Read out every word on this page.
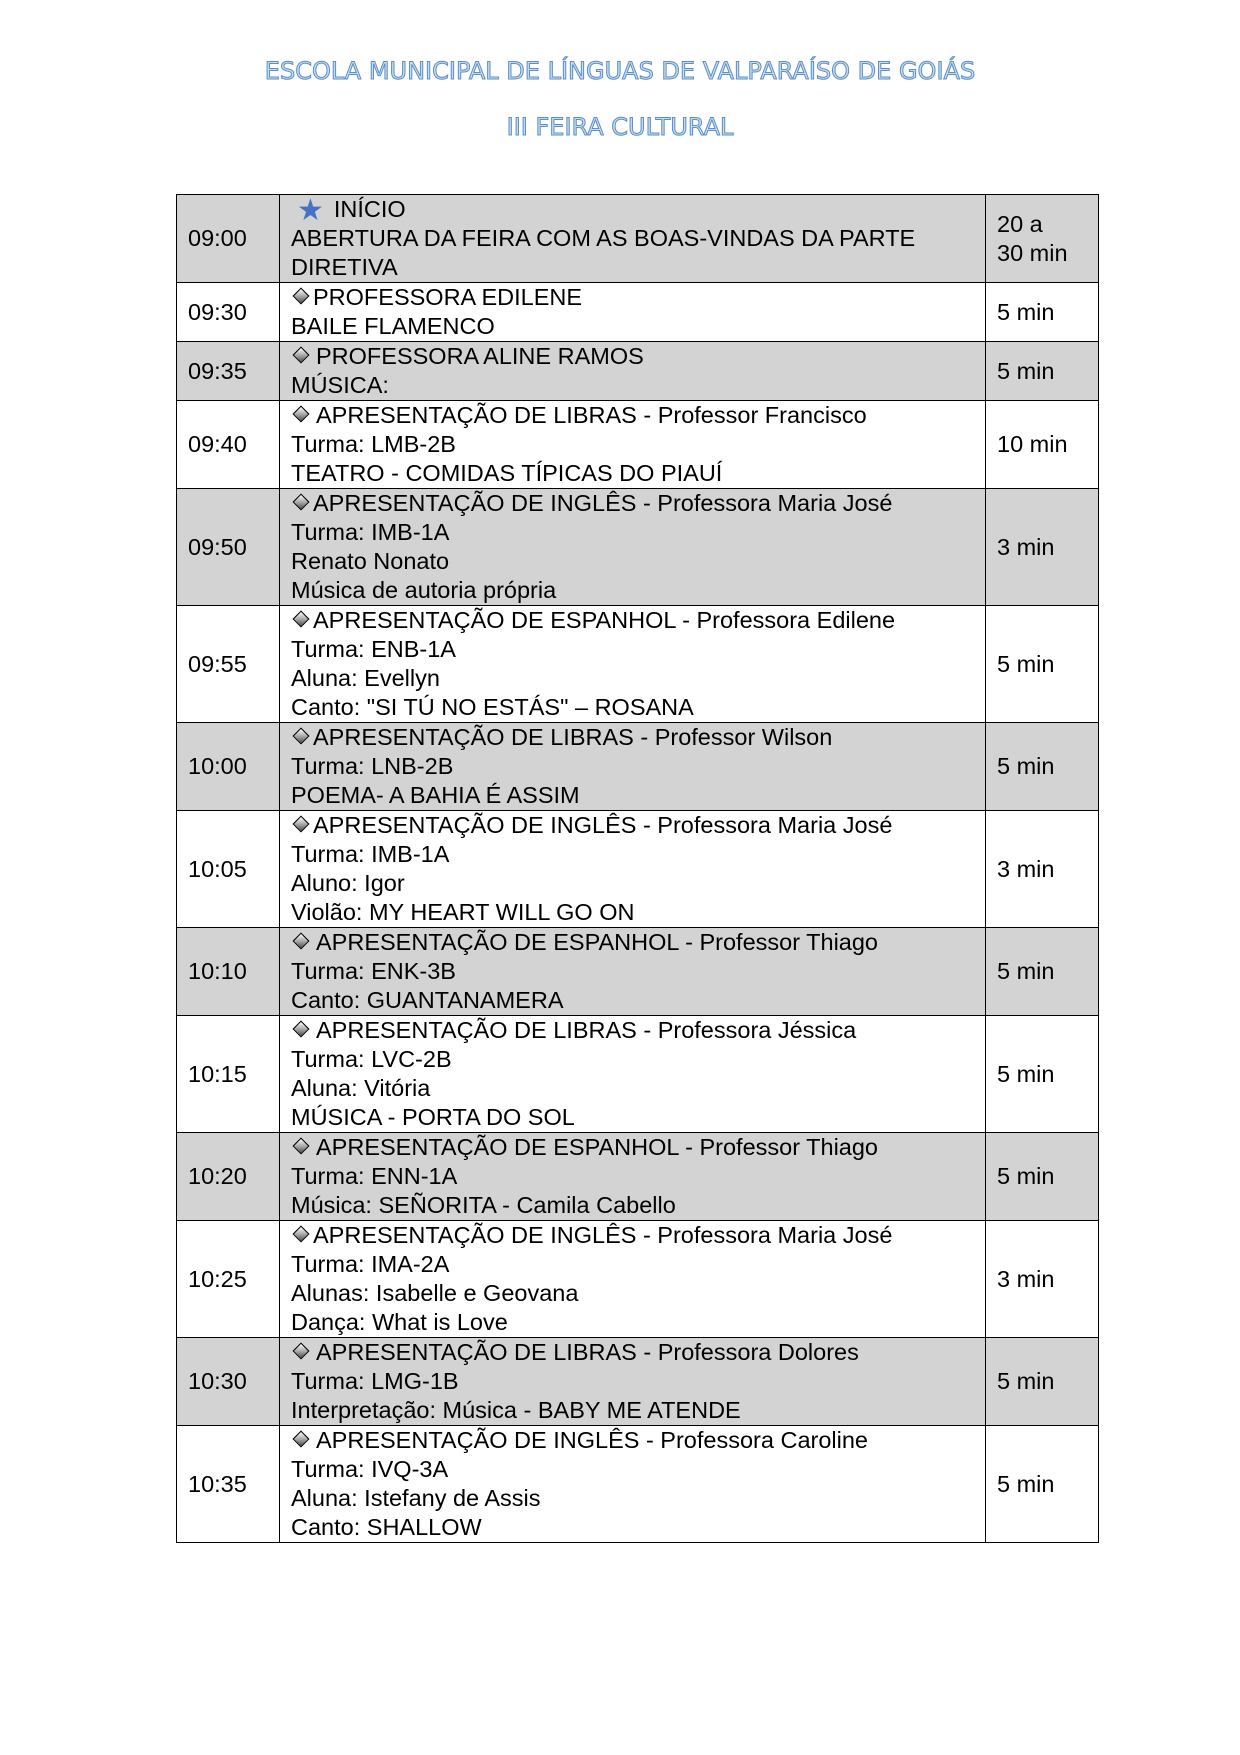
ESCOLA MUNICIPAL DE LÍNGUAS DE VALPARAÍSO DE GOIÁS
III FEIRA CULTURAL
09:00	★ INÍCIO
ABERTURA DA FEIRA COM AS BOAS-VINDAS DA PARTE
DIRETIVA	20 a
30 min
09:30	PROFESSORA EDILENE
BAILE FLAMENCO	5 min
09:35	PROFESSORA ALINE RAMOS
MÚSICA:	5 min
09:40	APRESENTAÇÃO DE LIBRAS - Professor Francisco
Turma: LMB-2B
TEATRO - COMIDAS TÍPICAS DO PIAUÍ	10 min
09:50	APRESENTAÇÃO DE INGLÊS - Professora Maria José
Turma: IMB-1A
Renato Nonato
Música de autoria própria	3 min
09:55	APRESENTAÇÃO DE ESPANHOL - Professora Edilene
Turma: ENB-1A
Aluna: Evellyn
Canto: "SI TÚ NO ESTÁS" – ROSANA	5 min
10:00	APRESENTAÇÃO DE LIBRAS - Professor Wilson
Turma: LNB-2B
POEMA- A BAHIA É ASSIM	5 min
10:05	APRESENTAÇÃO DE INGLÊS - Professora Maria José
Turma: IMB-1A
Aluno: Igor
Violão: MY HEART WILL GO ON	3 min
10:10	APRESENTAÇÃO DE ESPANHOL - Professor Thiago
Turma: ENK-3B
Canto: GUANTANAMERA	5 min
10:15	APRESENTAÇÃO DE LIBRAS - Professora Jéssica
Turma: LVC-2B
Aluna: Vitória
MÚSICA - PORTA DO SOL	5 min
10:20	APRESENTAÇÃO DE ESPANHOL - Professor Thiago
Turma: ENN-1A
Música: SEÑORITA - Camila Cabello	5 min
10:25	APRESENTAÇÃO DE INGLÊS - Professora Maria José
Turma: IMA-2A
Alunas: Isabelle e Geovana
Dança: What is Love	3 min
10:30	APRESENTAÇÃO DE LIBRAS - Professora Dolores
Turma: LMG-1B
Interpretação: Música - BABY ME ATENDE	5 min
10:35	APRESENTAÇÃO DE INGLÊS - Professora Caroline
Turma: IVQ-3A
Aluna: Istefany de Assis
Canto: SHALLOW	5 min
